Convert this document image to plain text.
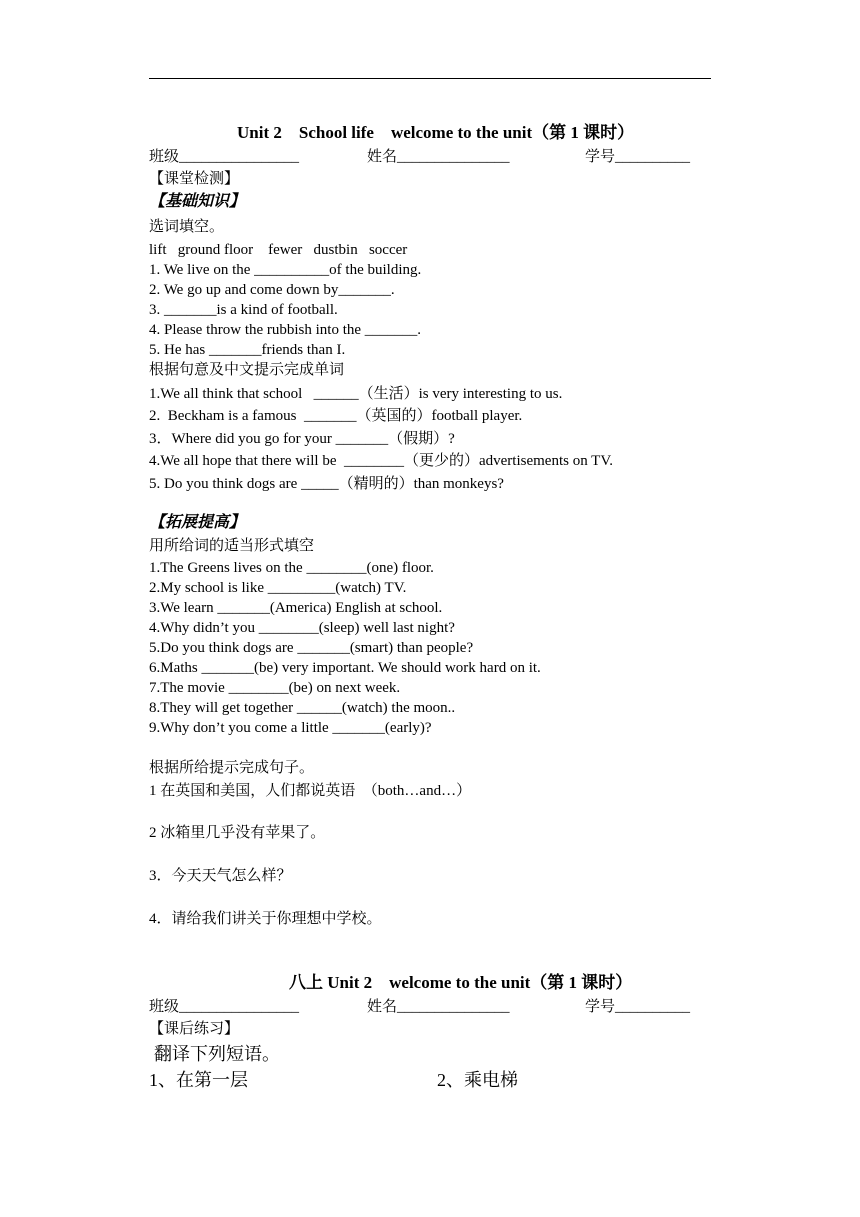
Unit 2    School life    welcome to the unit（第 1 课时）
班级________________	姓名_______________	学号__________
【课堂检测】
【基础知识】
选词填空。
lift   ground floor    fewer   dustbin   soccer
1. We live on the __________of the building.
2. We go up and come down by_______.
3. _______is a kind of football.
4. Please throw the rubbish into the _______.
5. He has _______friends than I.
根据句意及中文提示完成单词
1.We all think that school   ______（生活）is very interesting to us.
2.  Beckham is a famous  _______（英国的）football player.
3．Where did you go for your _______（假期）?
4.We all hope that there will be  ________（更少的）advertisements on TV.
5. Do you think dogs are _____（精明的）than monkeys?
【拓展提高】
用所给词的适当形式填空
1.The Greens lives on the ________(one) floor.
2.My school is like _________(watch) TV.
3.We learn _______(America) English at school.
4.Why didn’t you ________(sleep) well last night?
5.Do you think dogs are _______(smart) than people?
6.Maths _______(be) very important. We should work hard on it.
7.The movie ________(be) on next week.
8.They will get together ______(watch) the moon..
9.Why don’t you come a little _______(early)?
根据所给提示完成句子。
1 在英国和美国，人们都说英语  （both…and…）
2 冰箱里几乎没有苹果了。
3．今天天气怎么样？
4．请给我们讲关于你理想中学校。
八上 Unit 2    welcome to the unit（第 1 课时）
班级________________	姓名_______________	学号__________
【课后练习】
翻译下列短语。
1、在第一层	2、乘电梯
